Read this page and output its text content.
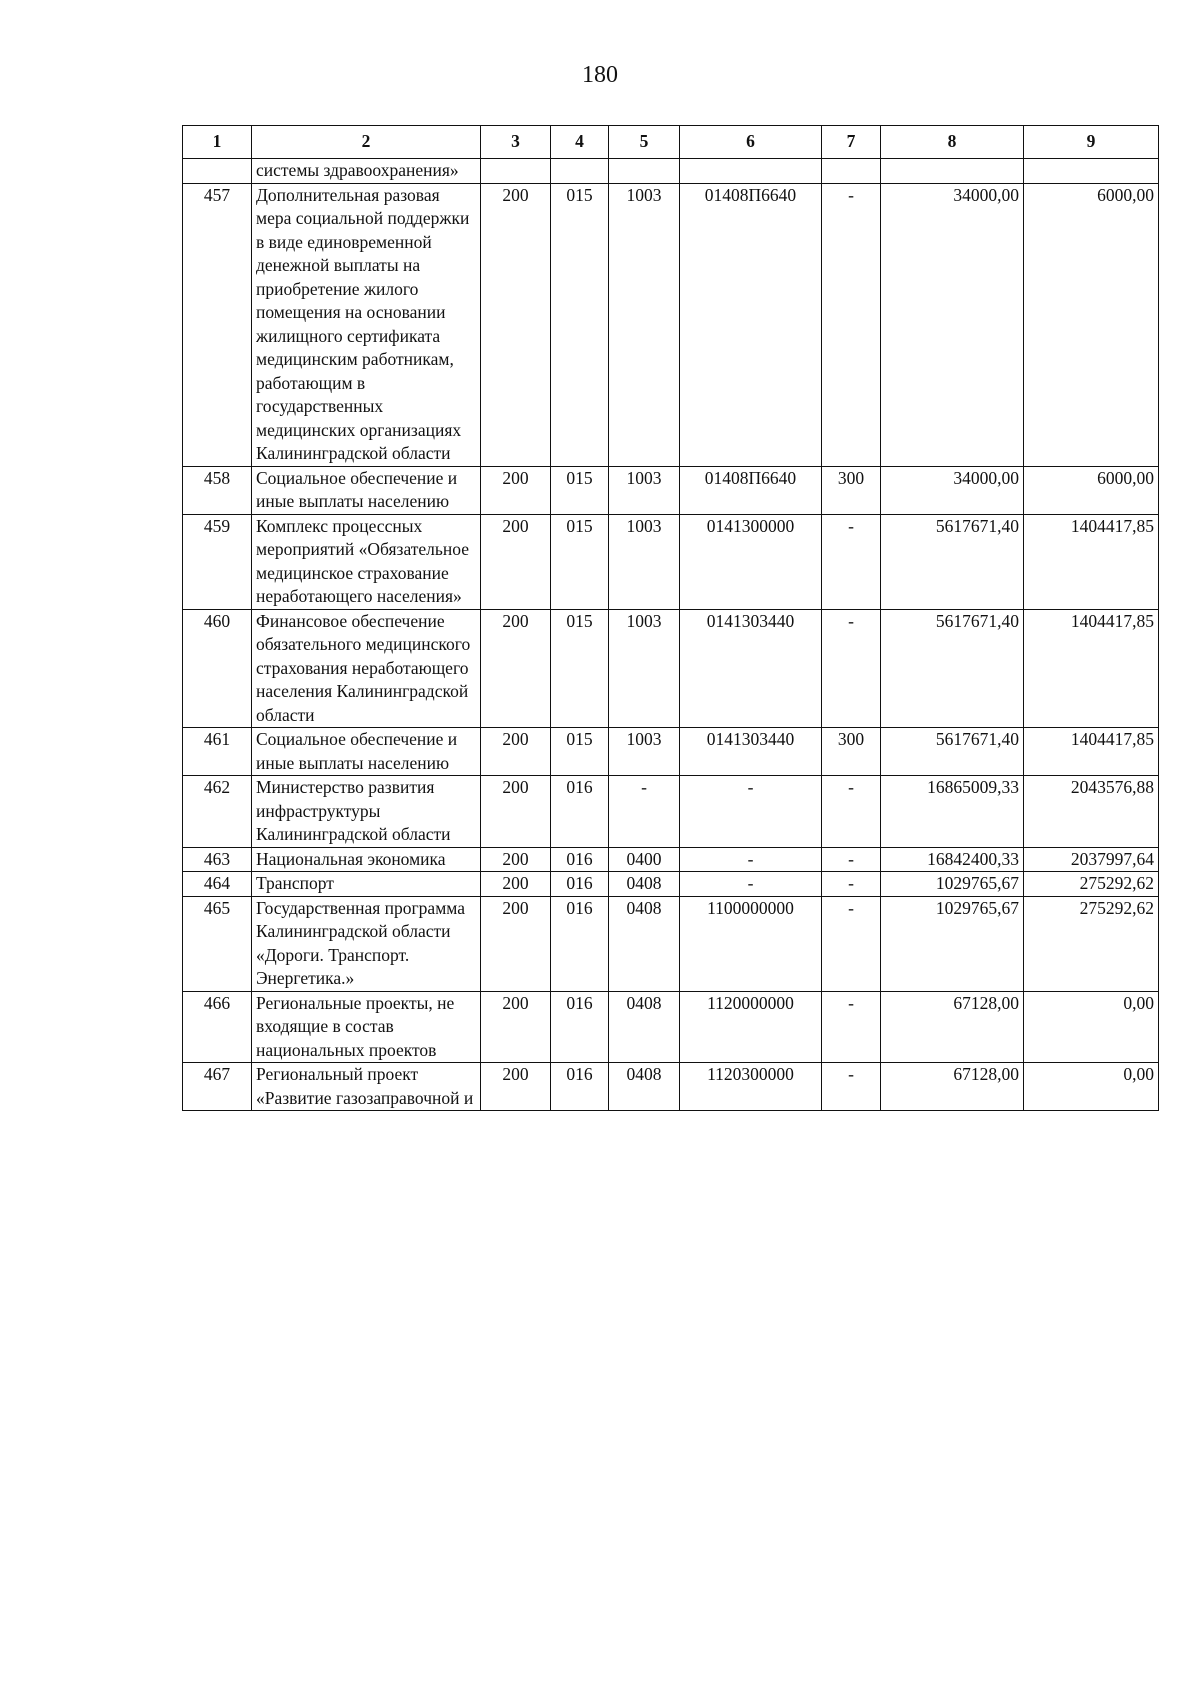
180
1	2	3	4	5	6	7	8	9
	системы здравоохранения»							
457	Дополнительная разовая мера социальной поддержки в виде единовременной денежной выплаты на приобретение жилого помещения на основании жилищного сертификата медицинским работникам, работающим в государственных медицинских организациях Калининградской области	200	015	1003	01408П6640	-	34000,00	6000,00
458	Социальное обеспечение и иные выплаты населению	200	015	1003	01408П6640	300	34000,00	6000,00
459	Комплекс процессных мероприятий «Обязательное медицинское страхование неработающего населения»	200	015	1003	0141300000	-	5617671,40	1404417,85
460	Финансовое обеспечение обязательного медицинского страхования неработающего населения Калининградской области	200	015	1003	0141303440	-	5617671,40	1404417,85
461	Социальное обеспечение и иные выплаты населению	200	015	1003	0141303440	300	5617671,40	1404417,85
462	Министерство развития инфраструктуры Калининградской области	200	016	-	-	-	16865009,33	2043576,88
463	Национальная экономика	200	016	0400	-	-	16842400,33	2037997,64
464	Транспорт	200	016	0408	-	-	1029765,67	275292,62
465	Государственная программа Калининградской области «Дороги. Транспорт. Энергетика.»	200	016	0408	1100000000	-	1029765,67	275292,62
466	Региональные проекты, не входящие в состав национальных проектов	200	016	0408	1120000000	-	67128,00	0,00
467	Региональный проект «Развитие газозаправочной и	200	016	0408	1120300000	-	67128,00	0,00
